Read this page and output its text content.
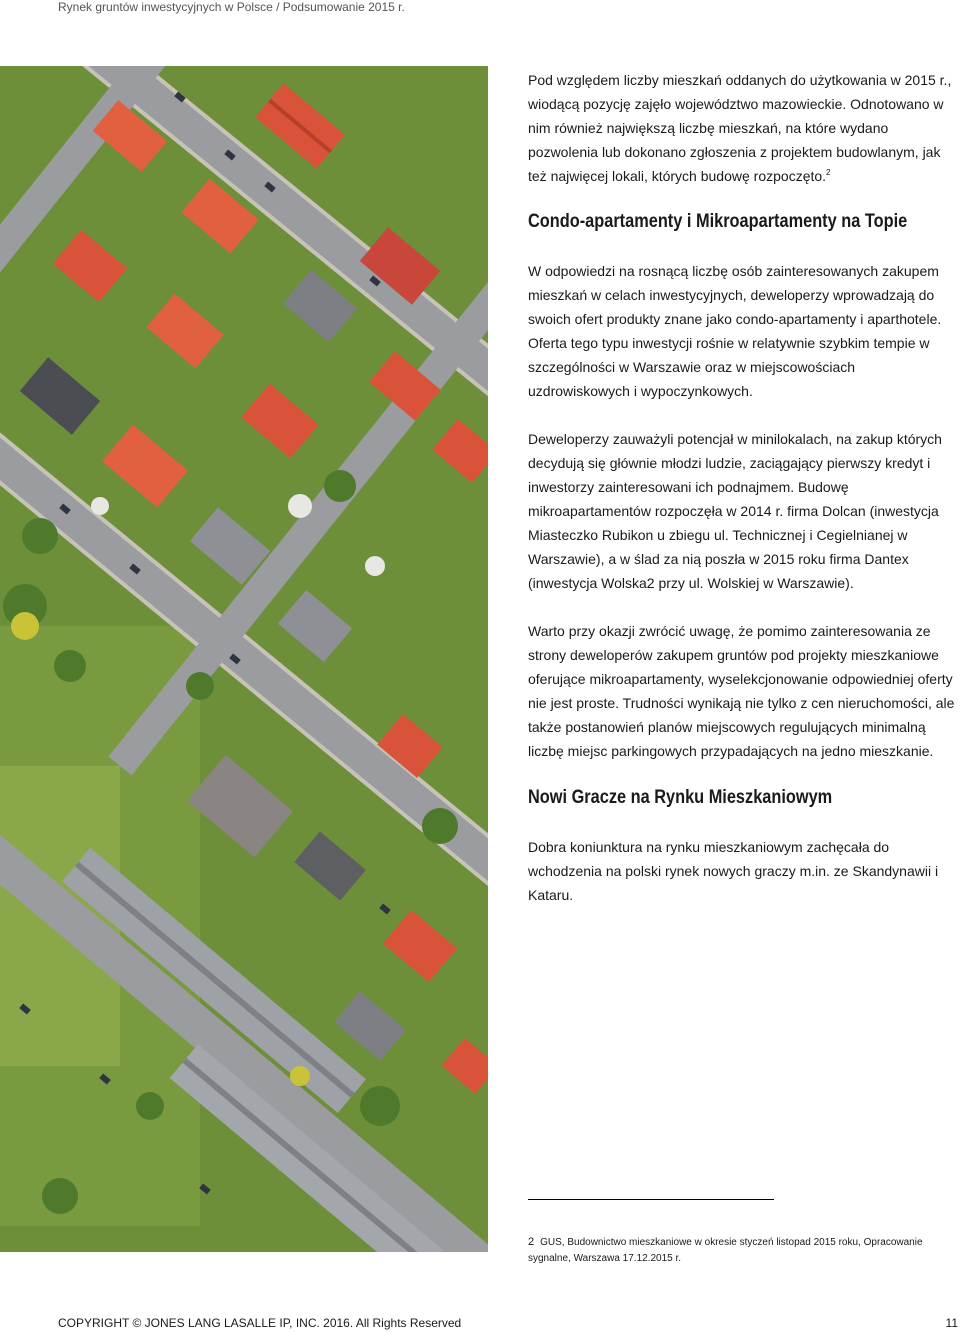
Rynek gruntów inwestycyjnych w Polsce / Podsumowanie 2015 r.

Pod względem liczby mieszkań oddanych do użytkowania w 2015 r., wiodącą pozycję zajęło województwo mazowieckie. Odnotowano w nim również największą liczbę mieszkań, na które wydano pozwolenia lub dokonano zgłoszenia z projektem budowlanym, jak też najwięcej lokali, których budowę rozpoczęto.$^2$

Condo-apartamenty i Mikroapartamenty na Topie

W odpowiedzi na rosnącą liczbę osób zainteresowanych zakupem mieszkań w celach inwestycyjnych, deweloperzy wprowadzają do swoich ofert produkty znane jako condo-apartamenty i aparthotele. Oferta tego typu inwestycji rośnie w relatywnie szybkim tempie w szczególności w Warszawie oraz w miejscowościach uzdrowiskowych i wypoczynkowych.

Deweloperzy zauważyli potencjał w minilokalach, na zakup których decydują się głównie młodzi ludzie, zaciągający pierwszy kredyt i inwestorzy zainteresowani ich podnajmem. Budowę mikroapartamentów rozpoczęła w 2014 r. firma Dolcan (inwestycja Miasteczko Rubikon u zbiegu ul. Technicznej i Cegielnianej w Warszawie), a w ślad za nią poszła w 2015 roku firma Dantex (inwestycja Wolska2 przy ul. Wolskiej w Warszawie).

Warto przy okazji zwrócić uwagę, że pomimo zainteresowania ze strony deweloperów zakupem gruntów pod projekty mieszkaniowe oferujące mikroapartamenty, wyselekcjonowanie odpowiedniej oferty nie jest proste. Trudności wynikają nie tylko z cen nieruchomości, ale także postanowień planów miejscowych regulujących minimalną liczbę miejsc parkingowych przypadających na jedno mieszkanie.

Nowi Gracze na Rynku Mieszkaniowym

Dobra koniunktura na rynku mieszkaniowym zachęcała do wchodzenia na polski rynek nowych graczy m.in. ze Skandynawii i Kataru.

2 GUS, Budownictwo mieszkaniowe w okresie styczeń listopad 2015 roku, Opracowanie sygnalne, Warszawa 17.12.2015 r.
COPYRIGHT © JONES LANG LASALLE IP, INC. 2016. All Rights Reserved	11
